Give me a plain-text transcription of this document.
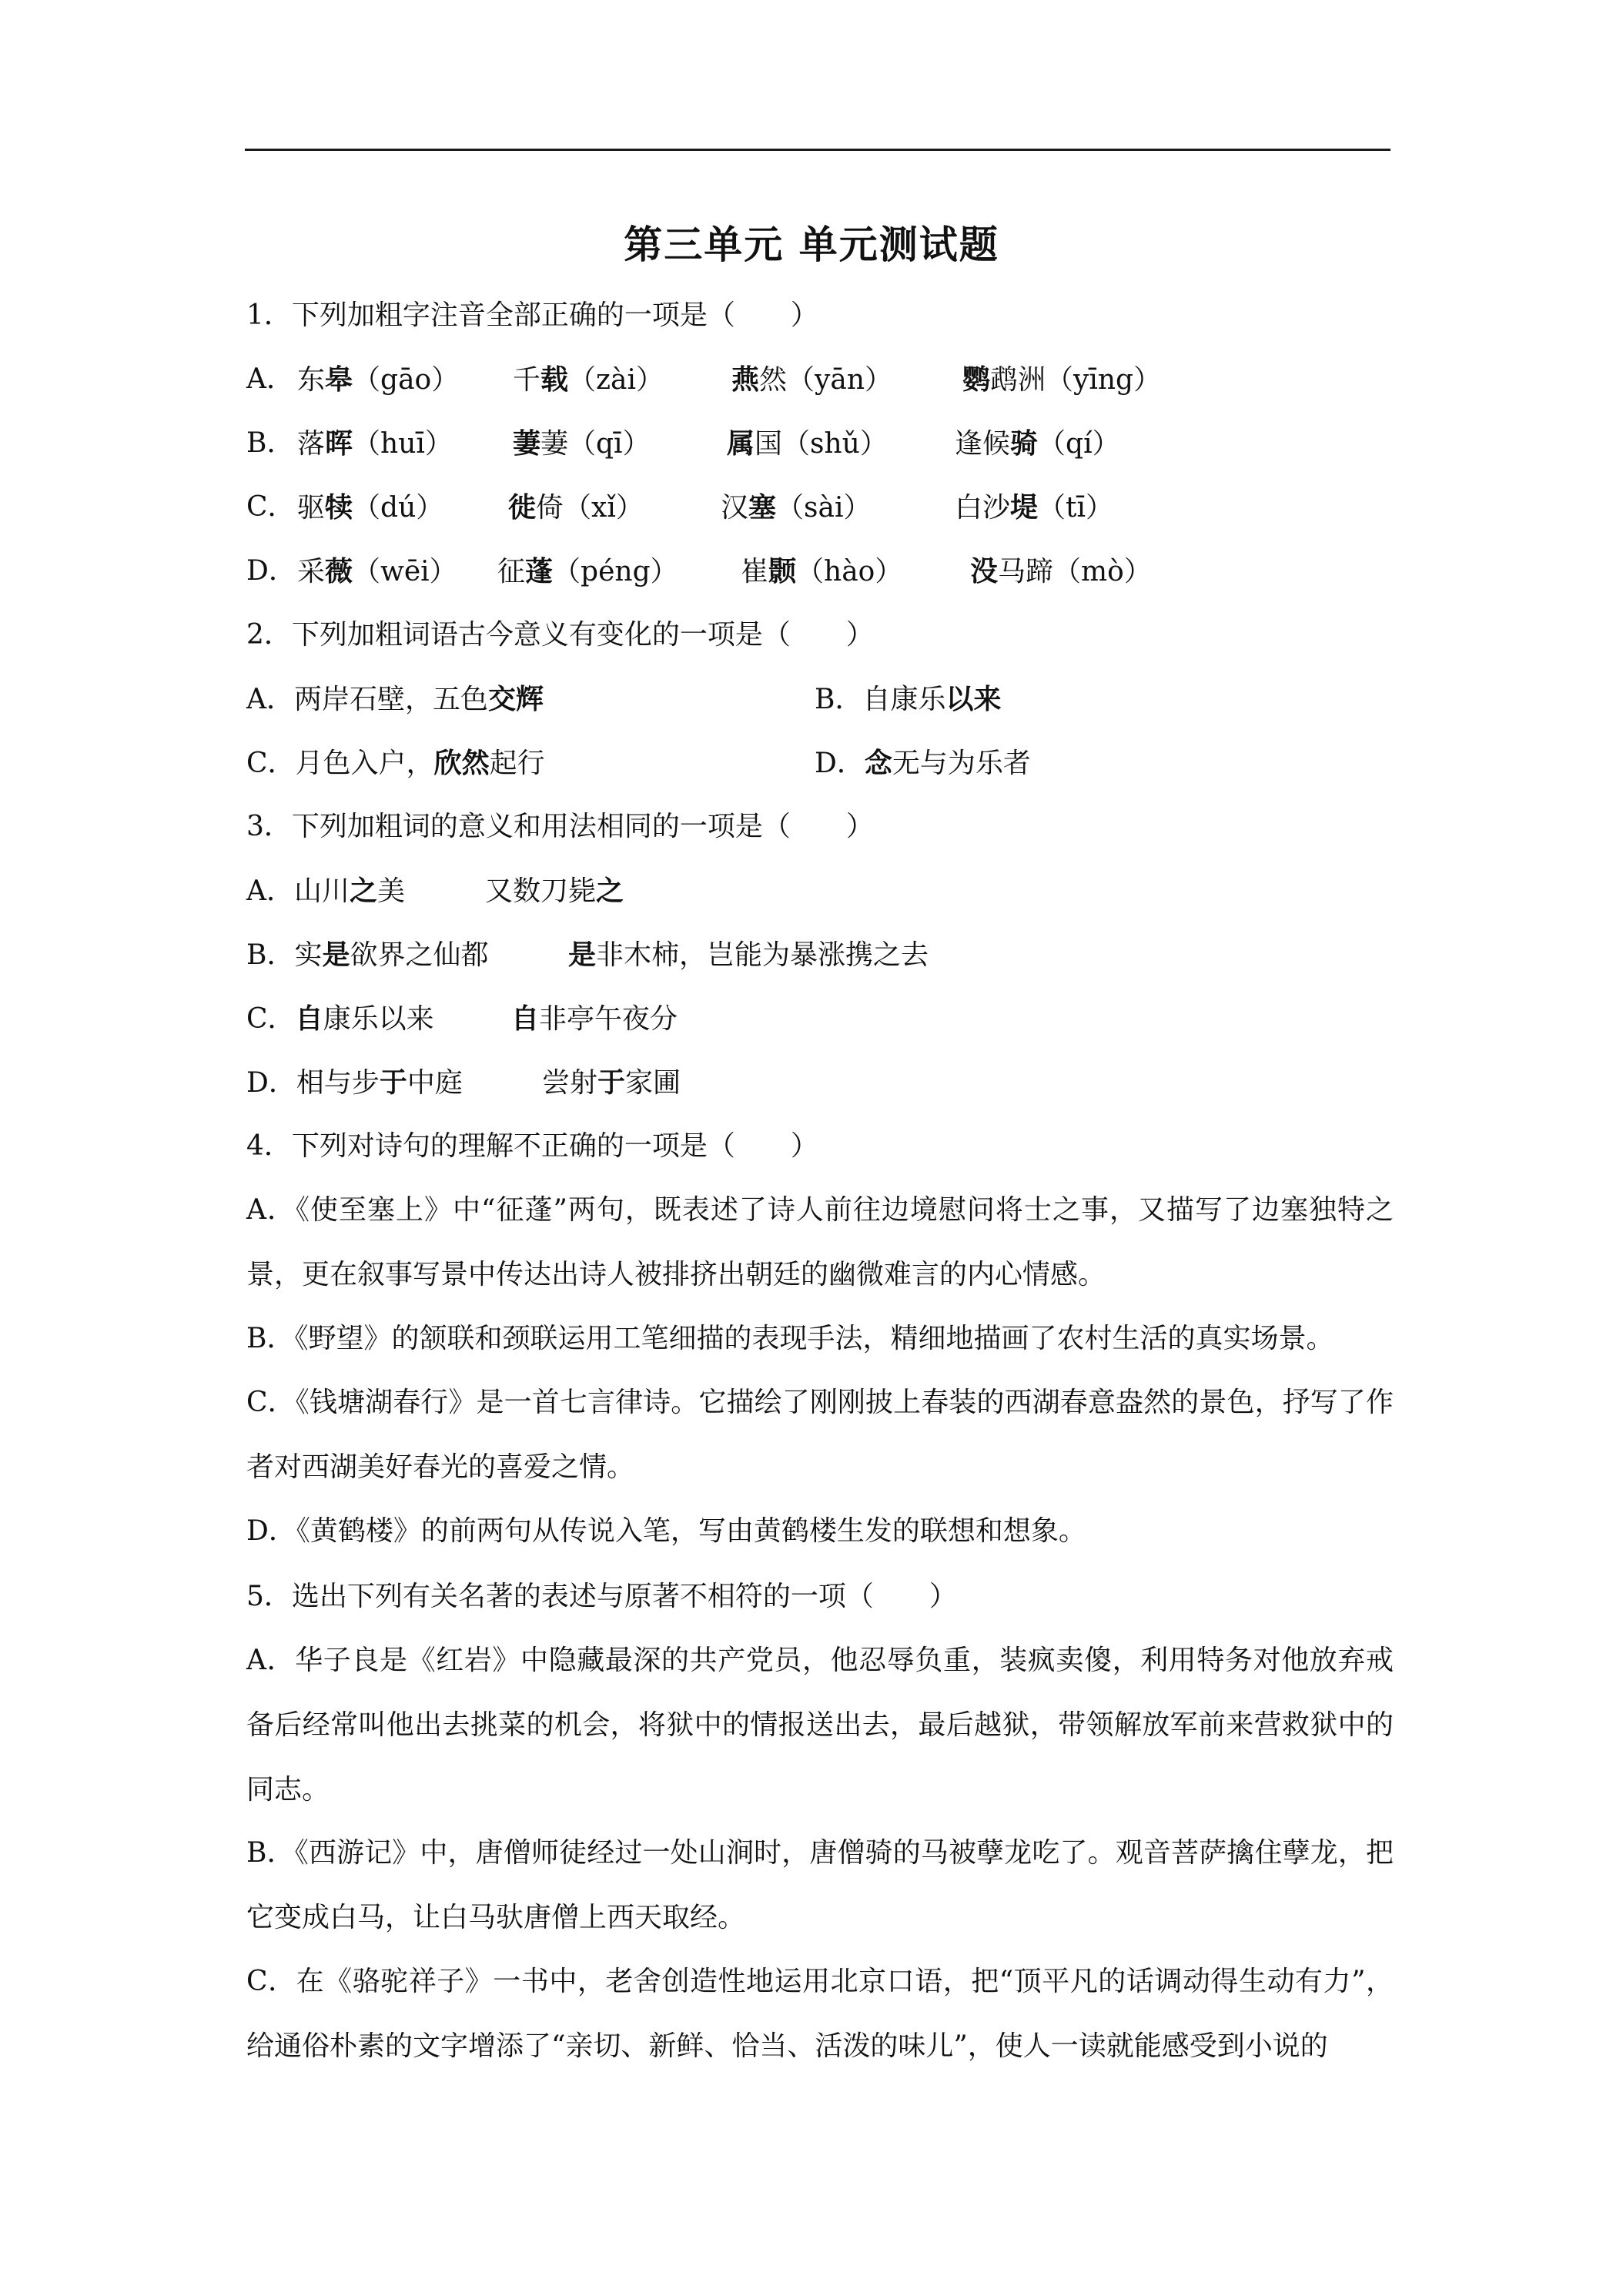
第三单元 单元测试题
1．下列加粗字注音全部正确的一项是（　　）
A． 东皋（gāo） 千载（zài） 燕然（yān）	鹦鹉洲（yīng）
B． 落晖（huī） 萋萋（qī）	属国（shǔ） 逢候骑（qí）
C． 驱犊（dú） 徙倚（xǐ）	汉塞（sài）	白沙堤（tī）
D． 采薇（wēi） 征蓬（péng） 崔颢（hào） 没马蹄（mò）
2．下列加粗词语古今意义有变化的一项是（　　）
A．两岸石壁，五色交辉	B．自康乐以来
C．月色入户，欣然起行	D．念无与为乐者
3．下列加粗词的意义和用法相同的一项是（　　）
A．山川之美	又数刀毙之
B．实是欲界之仙都	是非木柿，岂能为暴涨携之去
C．自康乐以来	自非亭午夜分
D．相与步于中庭	尝射于家圃
4．下列对诗句的理解不正确的一项是（　　）
A．《使至塞上》中“征蓬”两句，既表述了诗人前往边境慰问将士之事，又描写了边塞独特之景，更在叙事写景中传达出诗人被排挤出朝廷的幽微难言的内心情感。
B．《野望》的颔联和颈联运用工笔细描的表现手法，精细地描画了农村生活的真实场景。
C．《钱塘湖春行》是一首七言律诗。它描绘了刚刚披上春装的西湖春意盎然的景色，抒写了作者对西湖美好春光的喜爱之情。
D．《黄鹤楼》的前两句从传说入笔，写由黄鹤楼生发的联想和想象。
5．选出下列有关名著的表述与原著不相符的一项（　　）
A．华子良是《红岩》中隐藏最深的共产党员，他忍辱负重，装疯卖傻，利用特务对他放弃戒备后经常叫他出去挑菜的机会，将狱中的情报送出去，最后越狱，带领解放军前来营救狱中的同志。
B．《西游记》中，唐僧师徒经过一处山涧时，唐僧骑的马被孽龙吃了。观音菩萨擒住孽龙，把它变成白马，让白马驮唐僧上西天取经。
C．在《骆驼祥子》一书中，老舍创造性地运用北京口语，把“顶平凡的话调动得生动有力”，给通俗朴素的文字增添了“亲切、新鲜、恰当、活泼的味儿”，使人一读就能感受到小说的
